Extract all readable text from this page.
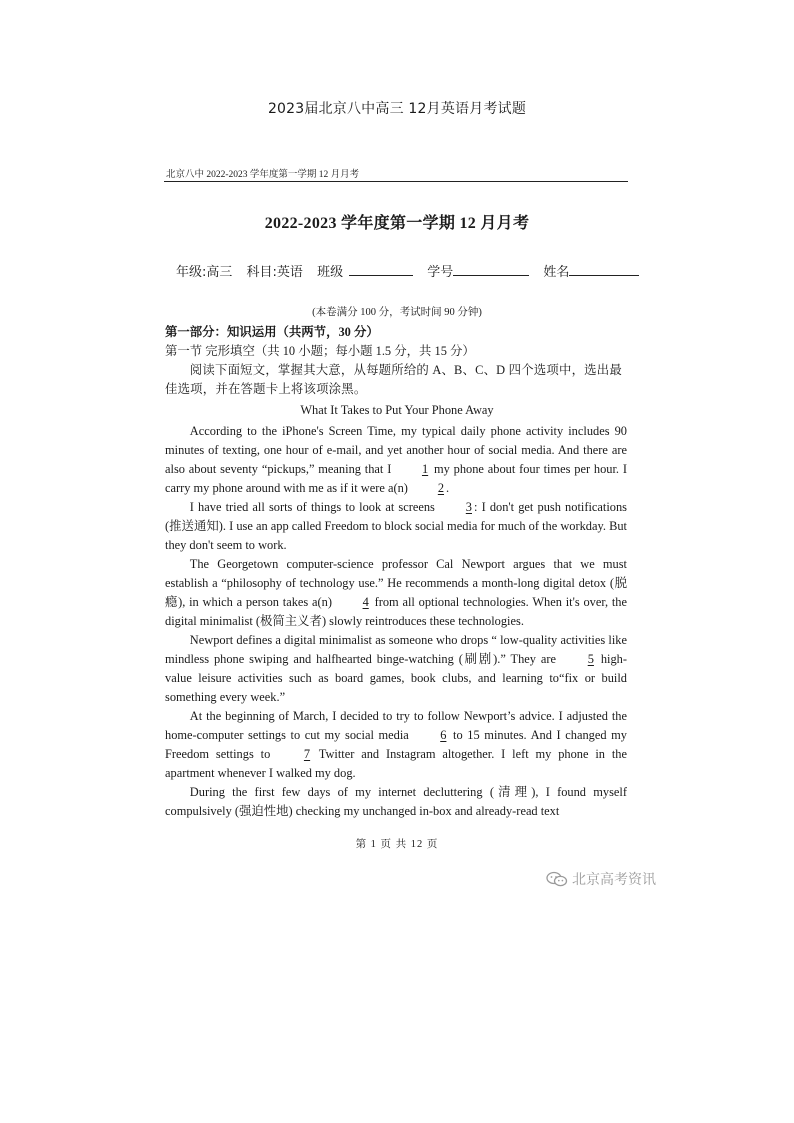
2023届北京八中高三 12月英语月考试题
北京八中 2022-2023 学年度第一学期 12 月月考
2022-2023 学年度第一学期 12 月月考
年级:高三 科目:英语 班级	学号	姓名
(本卷满分 100 分，考试时间 90 分钟)
第一部分：知识运用（共两节，30 分）
第一节 完形填空（共 10 小题；每小题 1.5 分，共 15 分）
阅读下面短文，掌握其大意，从每题所给的 A、B、C、D 四个选项中，选出最佳选项，并在答题卡上将该项涂黑。
What It Takes to Put Your Phone Away

According to the iPhone's Screen Time, my typical daily phone activity includes 90 minutes of texting, one hour of e-mail, and yet another hour of social media. And there are also about seventy “pickups,” meaning that I 1 my phone about four times per hour. I carry my phone around with me as if it were a(n) 2 .

I have tried all sorts of things to look at screens 3 : I don't get push notifications (推送通知). I use an app called Freedom to block social media for much of the workday. But they don't seem to work.

The Georgetown computer-science professor Cal Newport argues that we must establish a “philosophy of technology use.” He recommends a month-long digital detox (脱瘾), in which a person takes a(n) 4 from all optional technologies. When it's over, the digital minimalist (极简主义者) slowly reintroduces these technologies.

Newport defines a digital minimalist as someone who drops “ low-quality activities like mindless phone swiping and halfhearted binge-watching (刷剧).” They are 5 high-value leisure activities such as board games, book clubs, and learning to“fix or build something every week.”

At the beginning of March, I decided to try to follow Newport’s advice. I adjusted the home-computer settings to cut my social media 6 to 15 minutes. And I changed my Freedom settings to 7 Twitter and Instagram altogether. I left my phone in the apartment whenever I walked my dog.

During the first few days of my internet decluttering (清理), I found myself compulsively (强迫性地) checking my unchanged in-box and already-read text

第 1 页 共 12 页
北京高考资讯
